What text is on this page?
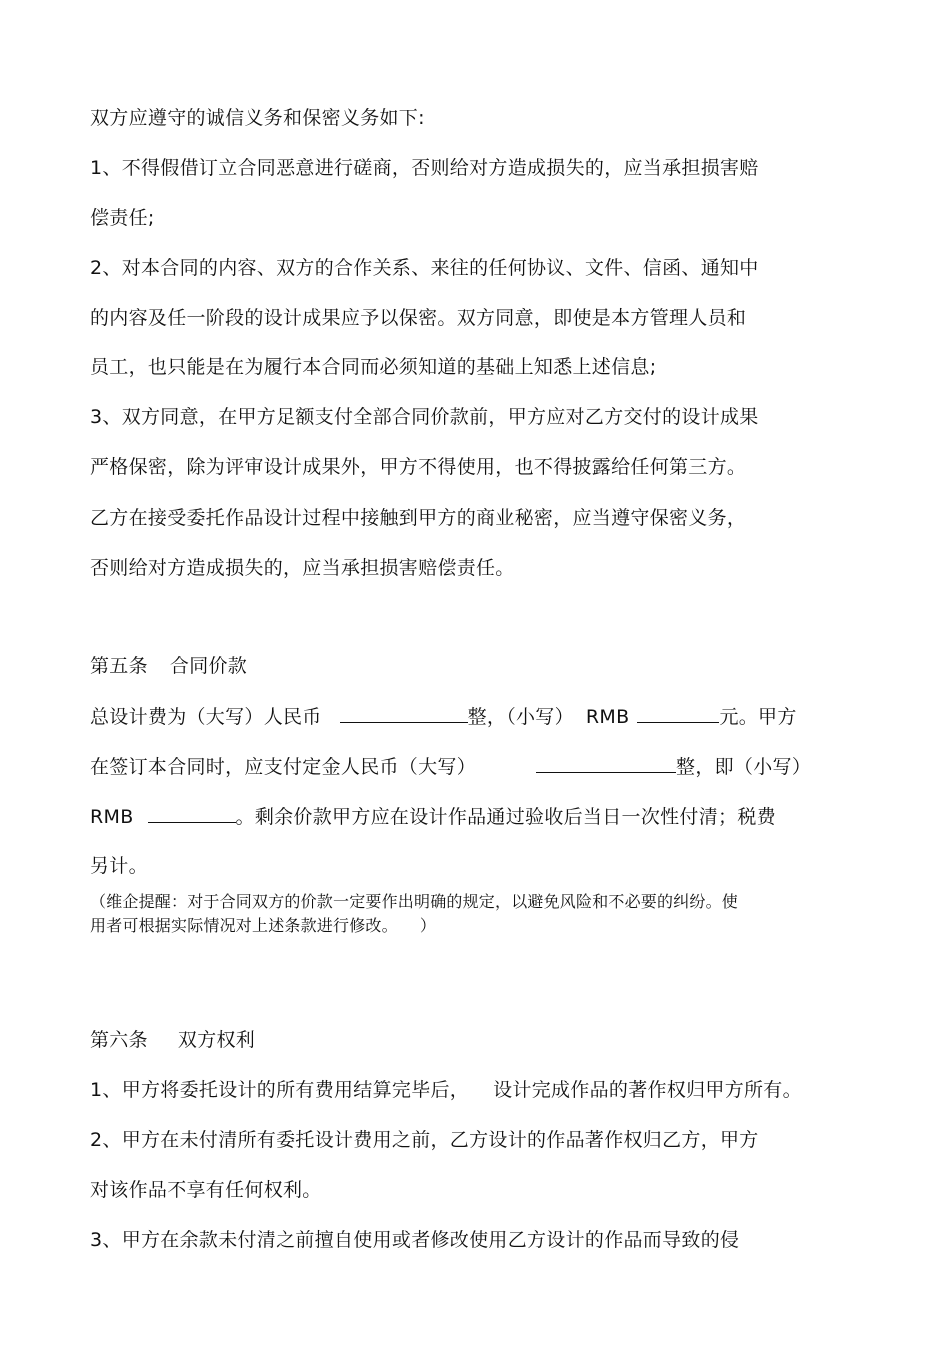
双方应遵守的诚信义务和保密义务如下:
1、不得假借订立合同恶意进行磋商，否则给对方造成损失的，应当承担损害赔
偿责任;
2、对本合同的内容、双方的合作关系、来往的任何协议、文件、信函、通知中
的内容及任一阶段的设计成果应予以保密。双方同意，即使是本方管理人员和
员工，也只能是在为履行本合同而必须知道的基础上知悉上述信息;
3、双方同意，在甲方足额支付全部合同价款前，甲方应对乙方交付的设计成果
严格保密，除为评审设计成果外，甲方不得使用，也不得披露给任何第三方。
乙方在接受委托作品设计过程中接触到甲方的商业秘密，应当遵守保密义务，
否则给对方造成损失的，应当承担损害赔偿责任。
第五条 合同价款
总设计费为（大写）人民币	整，（小写） RMB	元。甲方
在签订本合同时，应支付定金人民币（大写）	整，即（小写）
RMB	。剩余价款甲方应在设计作品通过验收后当日一次性付清；税费
另计。
（维企提醒：对于合同双方的价款一定要作出明确的规定，以避免风险和不必要的纠纷。使
用者可根据实际情况对上述条款进行修改。 ）
第六条 双方权利
1、甲方将委托设计的所有费用结算完毕后， 设计完成作品的著作权归甲方所有。
2、甲方在未付清所有委托设计费用之前，乙方设计的作品著作权归乙方，甲方
对该作品不享有任何权利。
3、甲方在余款未付清之前擅自使用或者修改使用乙方设计的作品而导致的侵
